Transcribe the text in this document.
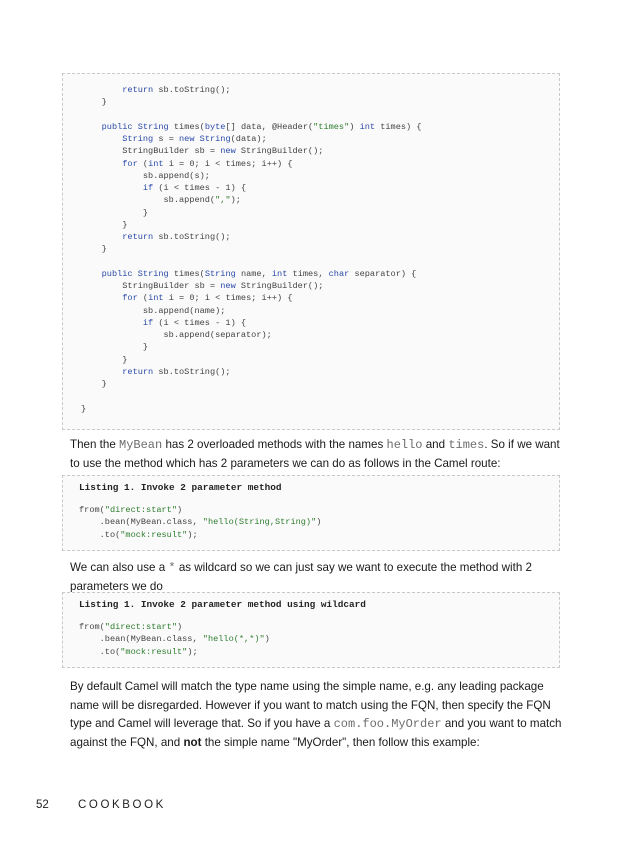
return sb.toString();
}
public String times(byte[] data, @Header("times") int times) {
String s = new String(data);
StringBuilder sb = new StringBuilder();
for (int i = 0; i < times; i++) {
sb.append(s);
if (i < times - 1) {
sb.append(",");
}
}
return sb.toString();
}
public String times(String name, int times, char separator) {
StringBuilder sb = new StringBuilder();
for (int i = 0; i < times; i++) {
sb.append(name);
if (i < times - 1) {
sb.append(separator);
}
}
return sb.toString();
}
}
Then the MyBean has 2 overloaded methods with the names hello and times. So if we want to use the method which has 2 parameters we can do as follows in the Camel route:
Listing 1. Invoke 2 parameter method
from("direct:start")
.bean(MyBean.class, "hello(String,String)")
.to("mock:result");
We can also use a * as wildcard so we can just say we want to execute the method with 2 parameters we do
Listing 1. Invoke 2 parameter method using wildcard
from("direct:start")
.bean(MyBean.class, "hello(*,*)")
.to("mock:result");
By default Camel will match the type name using the simple name, e.g. any leading package name will be disregarded. However if you want to match using the FQN, then specify the FQN type and Camel will leverage that. So if you have a com.foo.MyOrder and you want to match against the FQN, and not the simple name "MyOrder", then follow this example:
52	COOKBOOK
